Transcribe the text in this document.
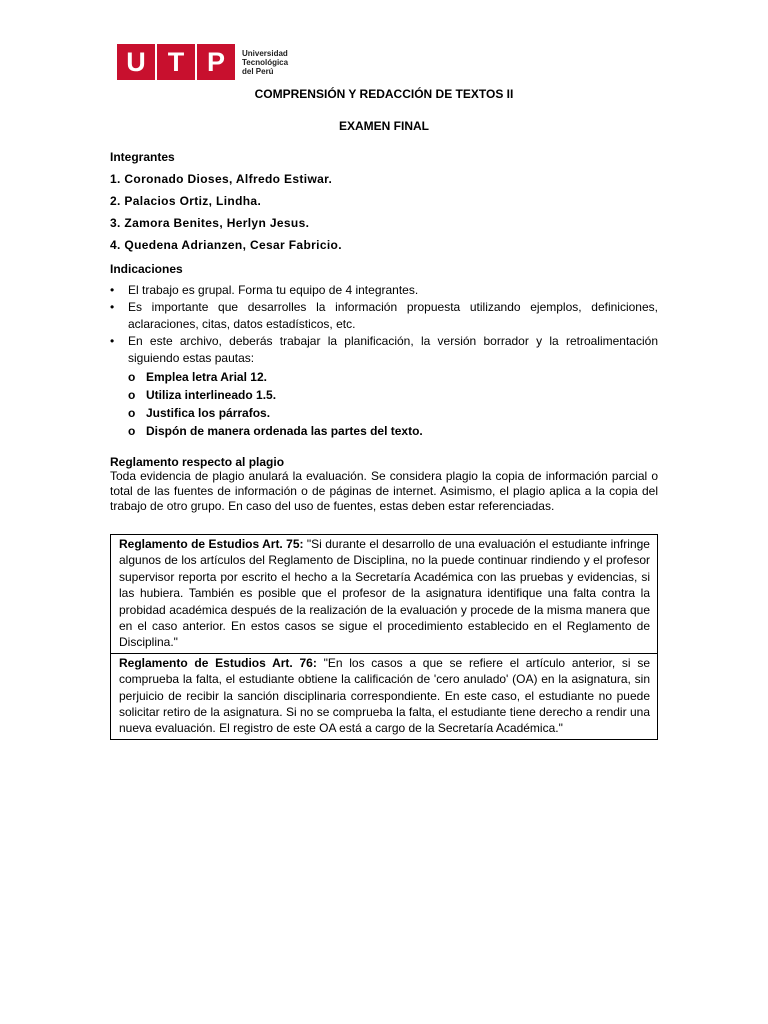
U T P	Universidad
Tecnológica
del Perú
COMPRENSIÓN Y REDACCIÓN DE TEXTOS II
EXAMEN FINAL
Integrantes
1. Coronado Dioses, Alfredo Estiwar.
2. Palacios Ortiz, Lindha.
3. Zamora Benites, Herlyn Jesus.
4. Quedena Adrianzen, Cesar Fabricio.
Indicaciones
• El trabajo es grupal. Forma tu equipo de 4 integrantes.
• Es importante que desarrolles la información propuesta utilizando ejemplos, definiciones, aclaraciones, citas, datos estadísticos, etc.
• En este archivo, deberás trabajar la planificación, la versión borrador y la retroalimentación siguiendo estas pautas:
o Emplea letra Arial 12.
o Utiliza interlineado 1.5.
o Justifica los párrafos.
o Dispón de manera ordenada las partes del texto.
Reglamento respecto al plagio
Toda evidencia de plagio anulará la evaluación. Se considera plagio la copia de información parcial o total de las fuentes de información o de páginas de internet. Asimismo, el plagio aplica a la copia del trabajo de otro grupo. En caso del uso de fuentes, estas deben estar referenciadas.
Reglamento de Estudios Art. 75: "Si durante el desarrollo de una evaluación el estudiante infringe algunos de los artículos del Reglamento de Disciplina, no la puede continuar rindiendo y el profesor supervisor reporta por escrito el hecho a la Secretaría Académica con las pruebas y evidencias, si las hubiera. También es posible que el profesor de la asignatura identifique una falta contra la probidad académica después de la realización de la evaluación y procede de la misma manera que en el caso anterior. En estos casos se sigue el procedimiento establecido en el Reglamento de Disciplina."
Reglamento de Estudios Art. 76: "En los casos a que se refiere el artículo anterior, si se comprueba la falta, el estudiante obtiene la calificación de 'cero anulado' (OA) en la asignatura, sin perjuicio de recibir la sanción disciplinaria correspondiente. En este caso, el estudiante no puede solicitar retiro de la asignatura. Si no se comprueba la falta, el estudiante tiene derecho a rendir una nueva evaluación. El registro de este OA está a cargo de la Secretaría Académica."
